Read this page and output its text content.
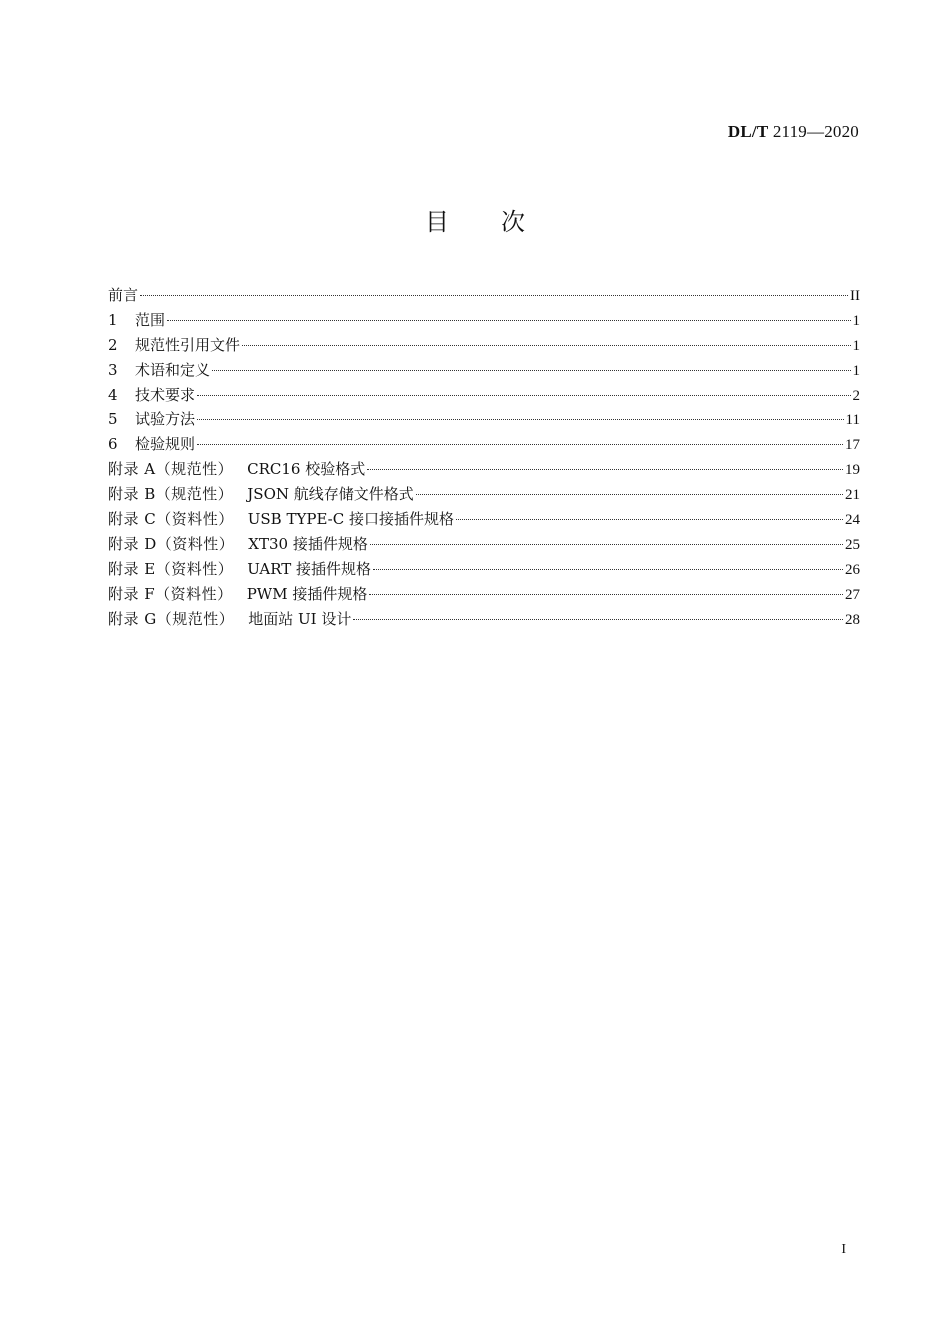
DL/T 2119—2020
目 次
前言	II
1 范围	1
2 规范性引用文件	1
3 术语和定义	1
4 技术要求	2
5 试验方法	11
6 检验规则	17
附录 A（规范性） CRC16 校验格式	19
附录 B（规范性） JSON 航线存储文件格式	21
附录 C（资料性） USB TYPE-C 接口接插件规格	24
附录 D（资料性） XT30 接插件规格	25
附录 E（资料性） UART 接插件规格	26
附录 F（资料性） PWM 接插件规格	27
附录 G（规范性） 地面站 UI 设计	28
I
